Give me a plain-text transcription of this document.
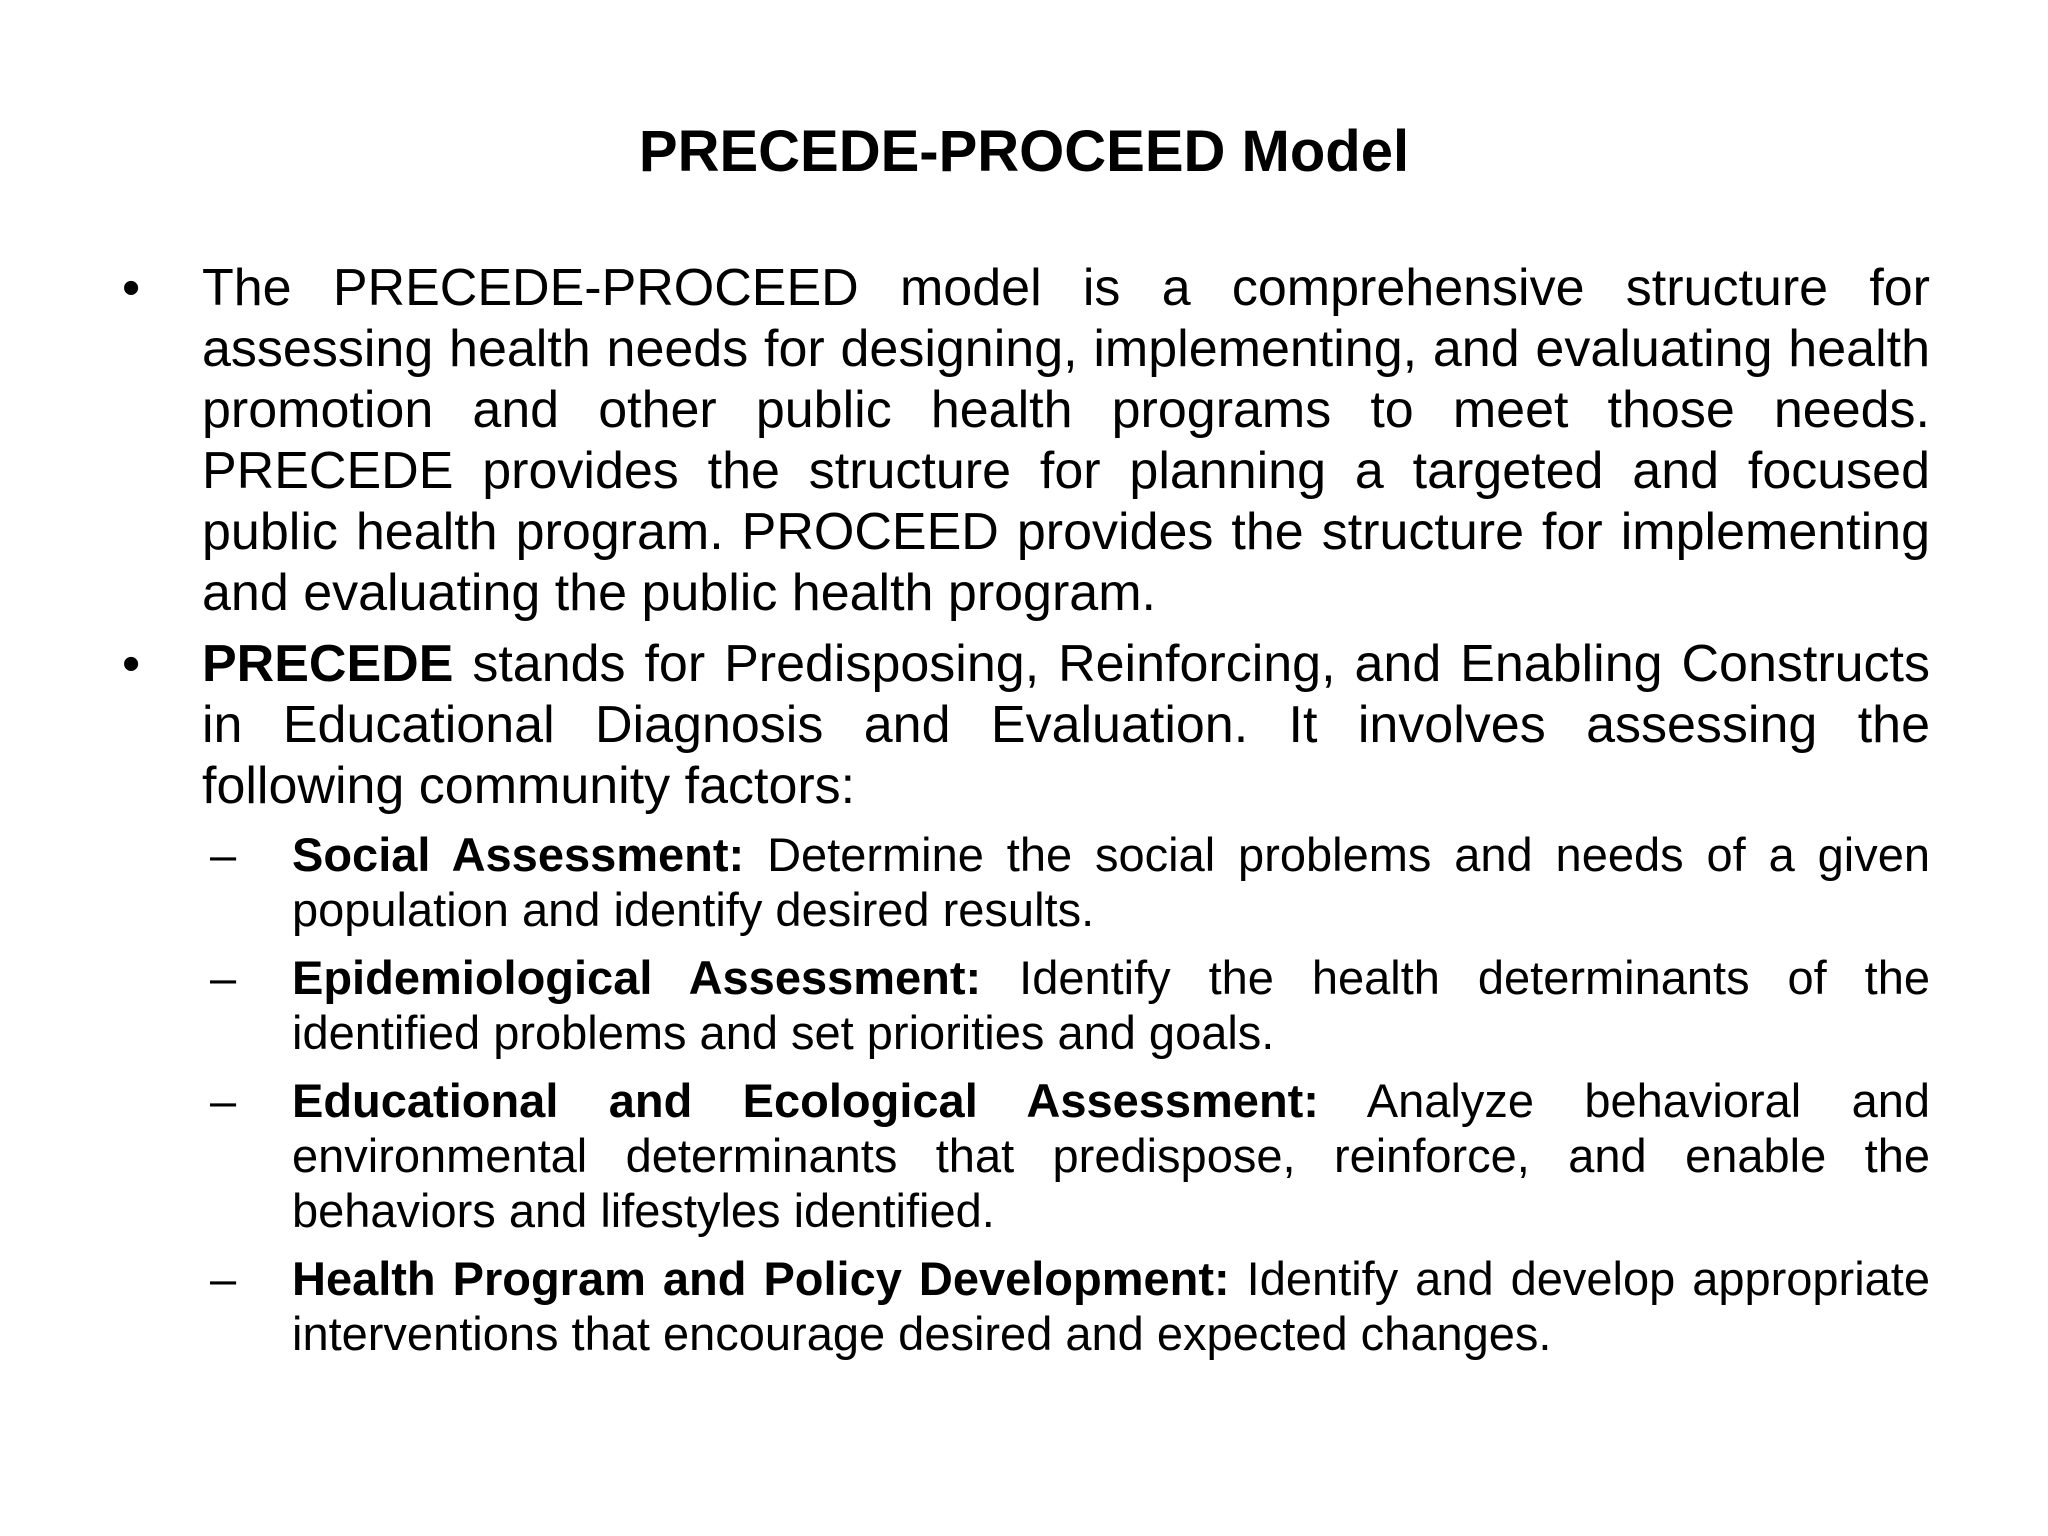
PRECEDE-PROCEED Model
•	The PRECEDE-PROCEED model is a comprehensive structure for assessing health needs for designing, implementing, and evaluating health promotion and other public health programs to meet those needs. PRECEDE provides the structure for planning a targeted and focused public health program. PROCEED provides the structure for implementing and evaluating the public health program.
•	PRECEDE stands for Predisposing, Reinforcing, and Enabling Constructs in Educational Diagnosis and Evaluation. It involves assessing the following community factors:
–	Social Assessment: Determine the social problems and needs of a given population and identify desired results.
–	Epidemiological Assessment: Identify the health determinants of the identified problems and set priorities and goals.
–	Educational and Ecological Assessment: Analyze behavioral and environmental determinants that predispose, reinforce, and enable the behaviors and lifestyles identified.
–	Health Program and Policy Development: Identify and develop appropriate interventions that encourage desired and expected changes.
